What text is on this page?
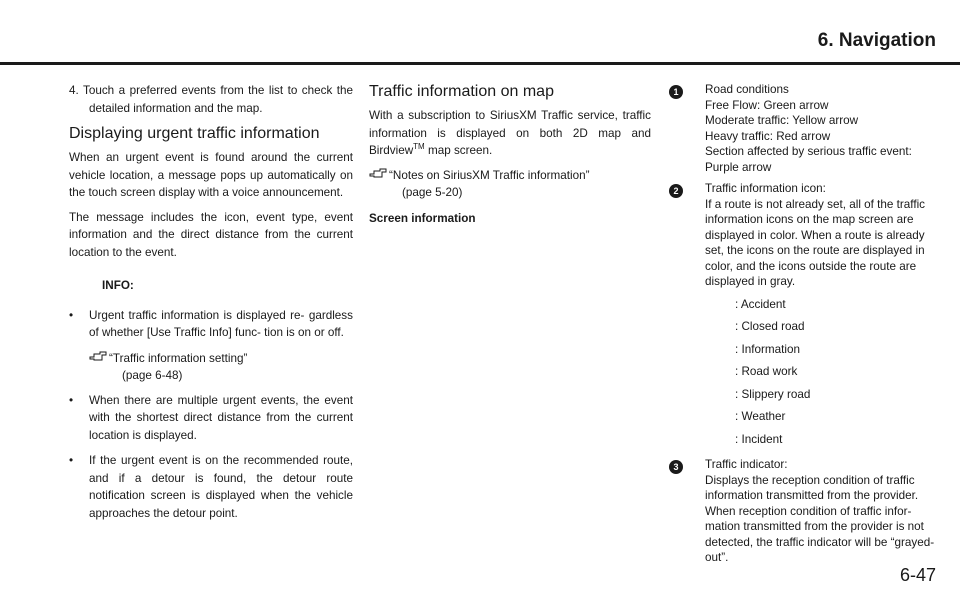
6. Navigation

4. Touch a preferred events from the list to check the detailed information and the map.

Displaying urgent traffic information

When an urgent event is found around the current vehicle location, a message pops up automatically on the touch screen display with a voice announcement.

The message includes the icon, event type, event information and the direct distance from the current location to the event.

INFO:
• Urgent traffic information is displayed re- gardless of whether [Use Traffic Info] func- tion is on or off.
“Traffic information setting”
(page 6-48)
• When there are multiple urgent events, the event with the shortest direct distance from the current location is displayed.
• If the urgent event is on the recommended route, and if a detour is found, the detour route notification screen is displayed when the vehicle approaches the detour point.
Traffic information on map

With a subscription to SiriusXM Traffic service, traffic information is displayed on both 2D map and Birdview™ map screen.

“Notes on SiriusXM Traffic information”
(page 5-20)
Screen information
1	Road conditions
Free Flow: Green arrow
Moderate traffic: Yellow arrow
Heavy traffic: Red arrow
Section affected by serious traffic event: Purple arrow
2	Traffic information icon:
If a route is not already set, all of the traffic information icons on the map screen are displayed in color. When a route is already set, the icons on the route are displayed in color, and the icons outside the route are displayed in gray.
: Accident
: Closed road
: Information
: Road work
: Slippery road
: Weather
: Incident
3	Traffic indicator:
Displays the reception condition of traffic information transmitted from the provider. When reception condition of traffic infor- mation transmitted from the provider is not detected, the traffic indicator will be “grayed-out”.

6-47
